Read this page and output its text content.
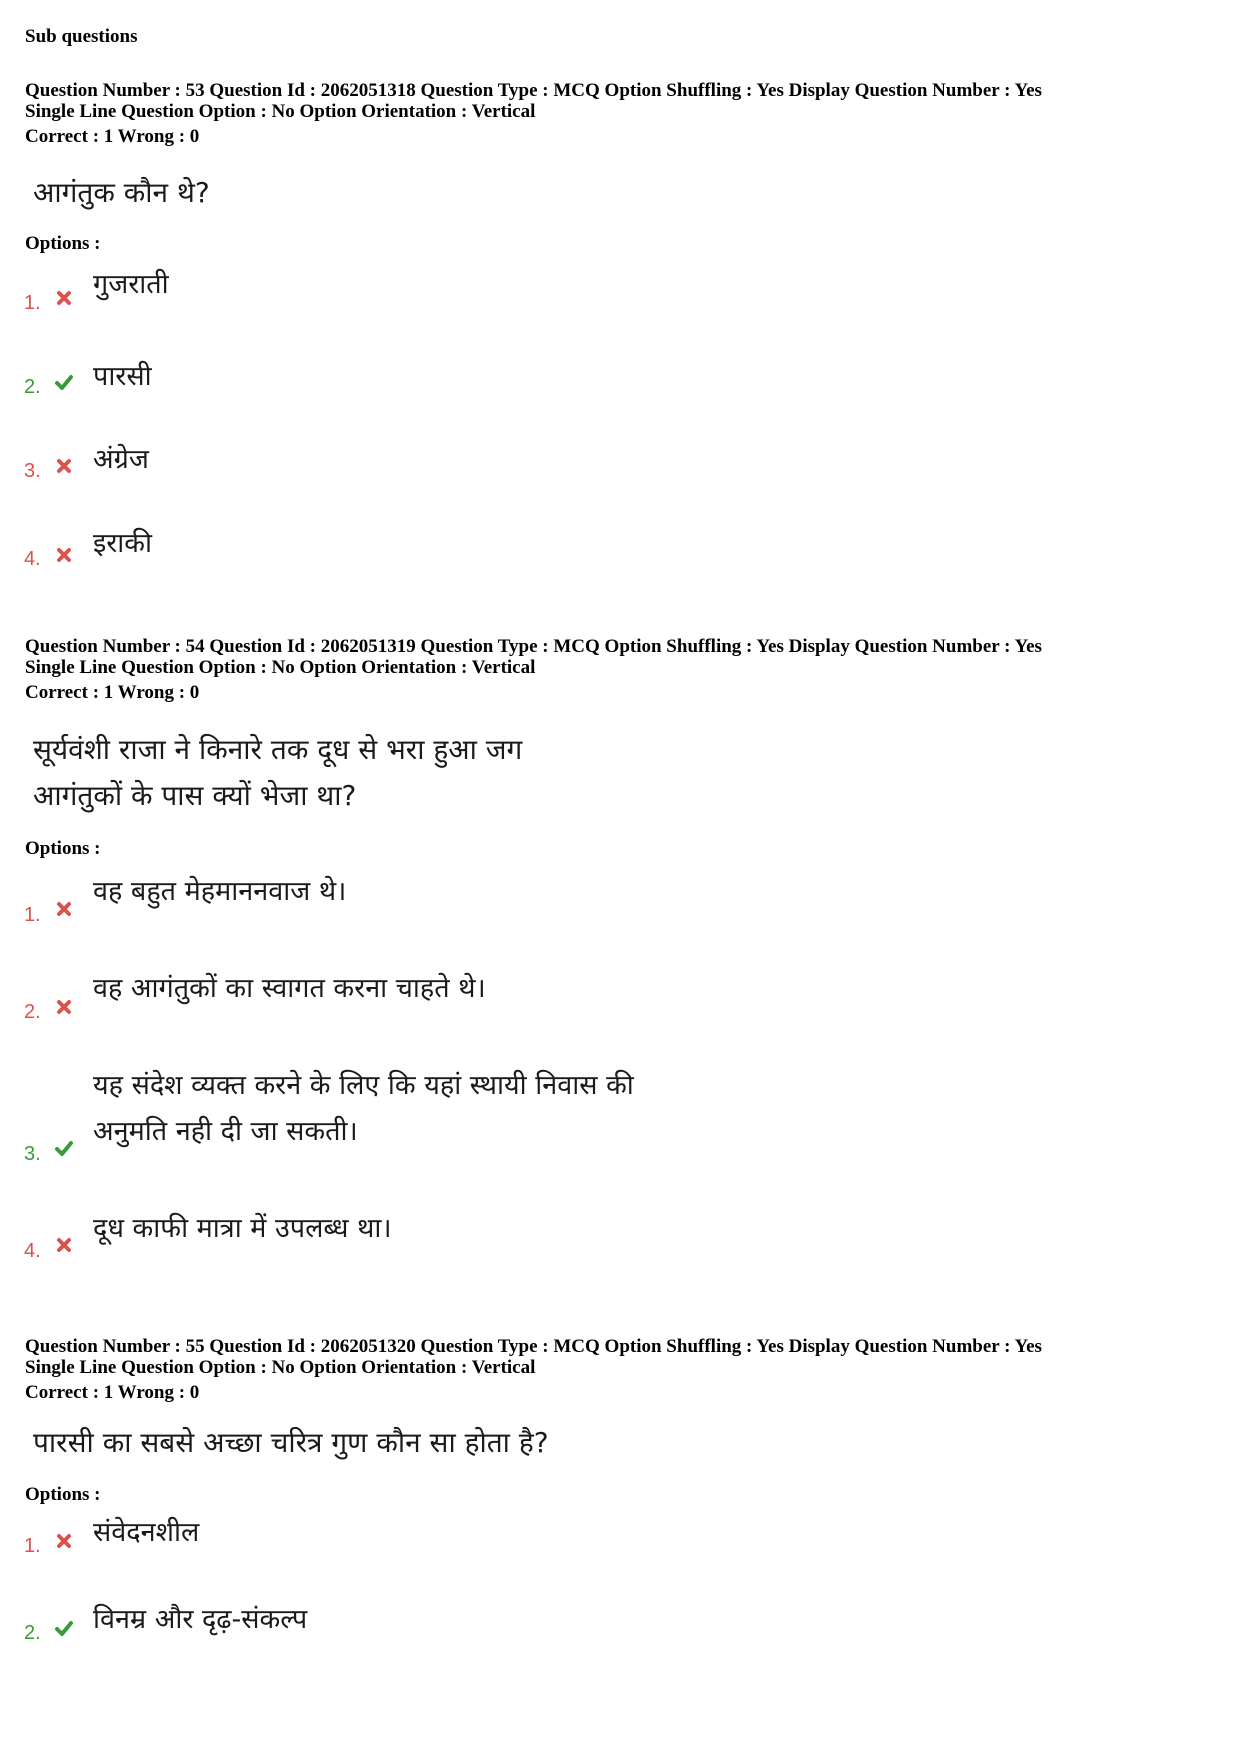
Sub questions
Question Number : 53 Question Id : 2062051318 Question Type : MCQ Option Shuffling : Yes Display Question Number : Yes
Single Line Question Option : No Option Orientation : Vertical
Correct : 1 Wrong : 0
आगंतुक कौन थे?
Options :
1.
गुजराती
2. पारसी
3. अंग्रेज
4. इराकी
Question Number : 54 Question Id : 2062051319 Question Type : MCQ Option Shuffling : Yes Display Question Number : Yes
Single Line Question Option : No Option Orientation : Vertical
Correct : 1 Wrong : 0
सूर्यवंशी राजा ने किनारे तक दूध से भरा हुआ जग
आगंतुकों के पास क्यों भेजा था?
Options :
1.
वह बहुत मेहमाननवाज थे।
2.
वह आगंतुकों का स्वागत करना चाहते थे।
3.
यह संदेश व्यक्त करने के लिए कि यहां स्थायी निवास की
अनुमति नही दी जा सकती।
4.
दूध काफी मात्रा में उपलब्ध था।
Question Number : 55 Question Id : 2062051320 Question Type : MCQ Option Shuffling : Yes Display Question Number : Yes
Single Line Question Option : No Option Orientation : Vertical
Correct : 1 Wrong : 0
पारसी का सबसे अच्छा चरित्र गुण कौन सा होता है?
Options :
1. संवेदनशील
2. विनम्र और दृढ़-संकल्प
